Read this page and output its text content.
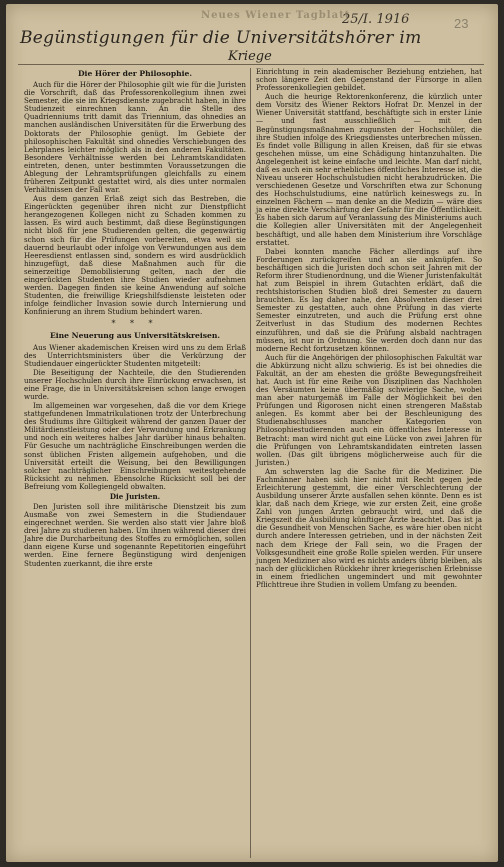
Neues Wiener Tagblatt
25/I. 1916	23
Begünstigungen für die Universitätshörer im
Kriege
Die Hörer der Philosophie.

Auch für die Hörer der Philosophie gilt wie für die Juristen die Vorschrift, daß das Professorenkollegium ihnen zwei Semester, die sie im Kriegsdienste zugebracht haben, in ihre Studienzeit einrechnen kann. An die Stelle des Quadrienniums tritt damit das Triennium, das ohnedies an manchen ausländischen Universitäten für die Erwerbung des Doktorats der Philosophie genügt. Im Gebiete der philosophischen Fakultät sind ohnedies Verschiebungen des Lehrplanes leichter möglich als in den anderen Fakultäten. Besondere Verhältnisse werden bei Lehramtskandidaten eintreten, denen, unter bestimmten Voraussetzungen die Ablegung der Lehramtsprüfungen gleichfalls zu einem früheren Zeitpunkt gestattet wird, als dies unter normalen Verhältnissen der Fall war.

Aus dem ganzen Erlaß zeigt sich das Bestreben, die Eingerückten gegenüber ihren nicht zur Dienstpflicht herangezogenen Kollegen nicht zu Schaden kommen zu lassen. Es wird auch bestimmt, daß diese Begünstigungen nicht bloß für jene Studierenden gelten, die gegenwärtig schon sich für die Prüfungen vorbereiten, etwa weil sie dauernd beurlaubt oder infolge von Verwundungen aus dem Heeresdienst entlassen sind, sondern es wird ausdrücklich hinzugefügt, daß diese Maßnahmen auch für die seinerzeitige Demobilisierung gelten, nach der die eingerückten Studenten ihre Studien wieder aufnehmen werden. Dagegen finden sie keine Anwendung auf solche Studenten, die freiwillige Kriegshilfsdienste leisteten oder infolge feindlicher Invasion sowie durch Internierung und Konfinierung an ihrem Studium behindert waren.

* * *
Eine Neuerung aus Universitätskreisen.

Aus Wiener akademischen Kreisen wird uns zu dem Erlaß des Unterrichtsministers über die Verkürzung der Studiendauer eingerückter Studenten mitgeteilt:

Die Beseitigung der Nachteile, die den Studierenden unserer Hochschulen durch ihre Einrückung erwachsen, ist eine Frage, die in Universitätskreisen schon lange erwogen wurde.

Im allgemeinen war vorgesehen, daß die vor dem Kriege stattgefundenen Immatrikulationen trotz der Unterbrechung des Studiums ihre Giltigkeit während der ganzen Dauer der Militärdienstleistung oder der Verwundung und Erkrankung und noch ein weiteres halbes Jahr darüber hinaus behalten. Für Gesuche um nachträgliche Einschreibungen werden die sonst üblichen Fristen allgemein aufgehoben, und die Universität erteilt die Weisung, bei den Bewilligungen solcher nachträglicher Einschreibungen weitestgehende Rücksicht zu nehmen. Ebensolche Rücksicht soll bei der Befreiung vom Kollegiengeld obwalten.

Die Juristen.

Den Juristen soll ihre militärische Dienstzeit bis zum Ausmaße von zwei Semestern in die Studiendauer eingerechnet werden. Sie werden also statt vier Jahre bloß drei Jahre zu studieren haben. Um ihnen während dieser drei Jahre die Durcharbeitung des Stoffes zu ermöglichen, sollen dann eigene Kurse und sogenannte Repetitorien eingeführt werden. Eine fernere Begünstigung wird denjenigen Studenten zuerkannt, die ihre erste

Einrichtung in rein akademischer Beziehung entziehen, hat schon längere Zeit den Gegenstand der Fürsorge in allen Professorenkollegien gebildet.

Auch die heurige Rektorenkonferenz, die kürzlich unter dem Vorsitz des Wiener Rektors Hofrat Dr. Menzel in der Wiener Universität stattfand, beschäftigte sich in erster Linie — und fast ausschließlich — mit den Begünstigungsmaßnahmen zugunsten der Hochschüler, die ihre Studien infolge des Kriegsdienstes unterbrechen müssen. Es findet volle Billigung in allen Kreisen, daß für sie etwas geschehen müsse, um eine Schädigung hintanzuhalten. Die Angelegenheit ist keine einfache und leichte. Man darf nicht, daß es auch ein sehr erhebliches öffentliches Interesse ist, die Niveau unserer Hochschulstudien nicht herabzudrücken. Die verschiedenen Gesetze und Vorschriften etwa zur Schonung des Hochschulstudiums, eine natürlich keineswegs zu. In einzelnen Fächern — man denke an die Medizin — wäre dies ja eine direkte Verschärfung der Gefahr für die Öffentlichkeit. Es haben sich darum auf Veranlassung des Ministeriums auch die Kollegien aller Universitäten mit der Angelegenheit beschäftigt, und alle haben dem Ministerium ihre Vorschläge erstattet.

Dabei konnten manche Fächer allerdings auf ihre Forderungen zurückgreifen und an sie anknüpfen. So beschäftigen sich die Juristen doch schon seit Jahren mit der Reform ihrer Studienordnung, und die Wiener Juristenfakultät hat zum Beispiel in ihrem Gutachten erklärt, daß die rechtshistorischen Studien bloß drei Semester zu dauern brauchten. Es lag daher nahe, den Absolventen dieser drei Semester zu gestatten, auch ohne Prüfung in das vierte Semester einzutreten, und auch die Prüfung erst ohne Zeitverlust in das Studium des modernen Rechtes einzuführen, und daß sie die Prüfung alsbald nachtragen müssen, ist nur in Ordnung. Sie werden doch dann nur das moderne Recht fortzusetzen können.

Auch für die Angehörigen der philosophischen Fakultät war die Abkürzung nicht allzu schwierig. Es ist bei ohnedies die Fakultät, an der am ehesten die größte Bewegungsfreiheit hat. Auch ist für eine Reihe von Disziplinen das Nachholen des Versäumten keine übermäßig schwierige Sache, wobei man aber naturgemäß im Falle der Möglichkeit bei den Prüfungen und Rigorosen nicht einen strengeren Maßstab anlegen. Es kommt aber bei der Beschleunigung des Studienabschlusses mancher Kategorien von Philosophiestudierenden auch ein öffentliches Interesse in Betracht: man wird nicht gut eine Lücke von zwei Jahren für die Prüfungen von Lehramtskandidaten eintreten lassen wollen. (Das gilt übrigens möglicherweise auch für die Juristen.)

Am schwersten lag die Sache für die Mediziner. Die Fachmänner haben sich hier nicht mit Recht gegen jede Erleichterung gestemmt, die einer Verschlechterung der Ausbildung unserer Ärzte ausfallen sehen könnte. Denn es ist klar, daß nach dem Kriege, wie zur ersten Zeit, eine große Zahl von jungen Ärzten gebraucht wird, und daß die Kriegszeit die Ausbildung künftiger Ärzte beachtet. Das ist ja die Gesundheit von Menschen Sache, es wäre hier oben nicht durch andere Interessen getrieben, und in der nächsten Zeit nach dem Kriege der Fall sein, wo die Fragen der Volksgesundheit eine große Rolle spielen werden. Für unsere jungen Mediziner also wird es nichts anders übrig bleiben, als nach der glücklichen Rückkehr ihrer kriegerischen Erlebnisse in einem friedlichen ungemindert und mit gewohnter Pflichttreue ihre Studien in vollem Umfang zu beenden.
